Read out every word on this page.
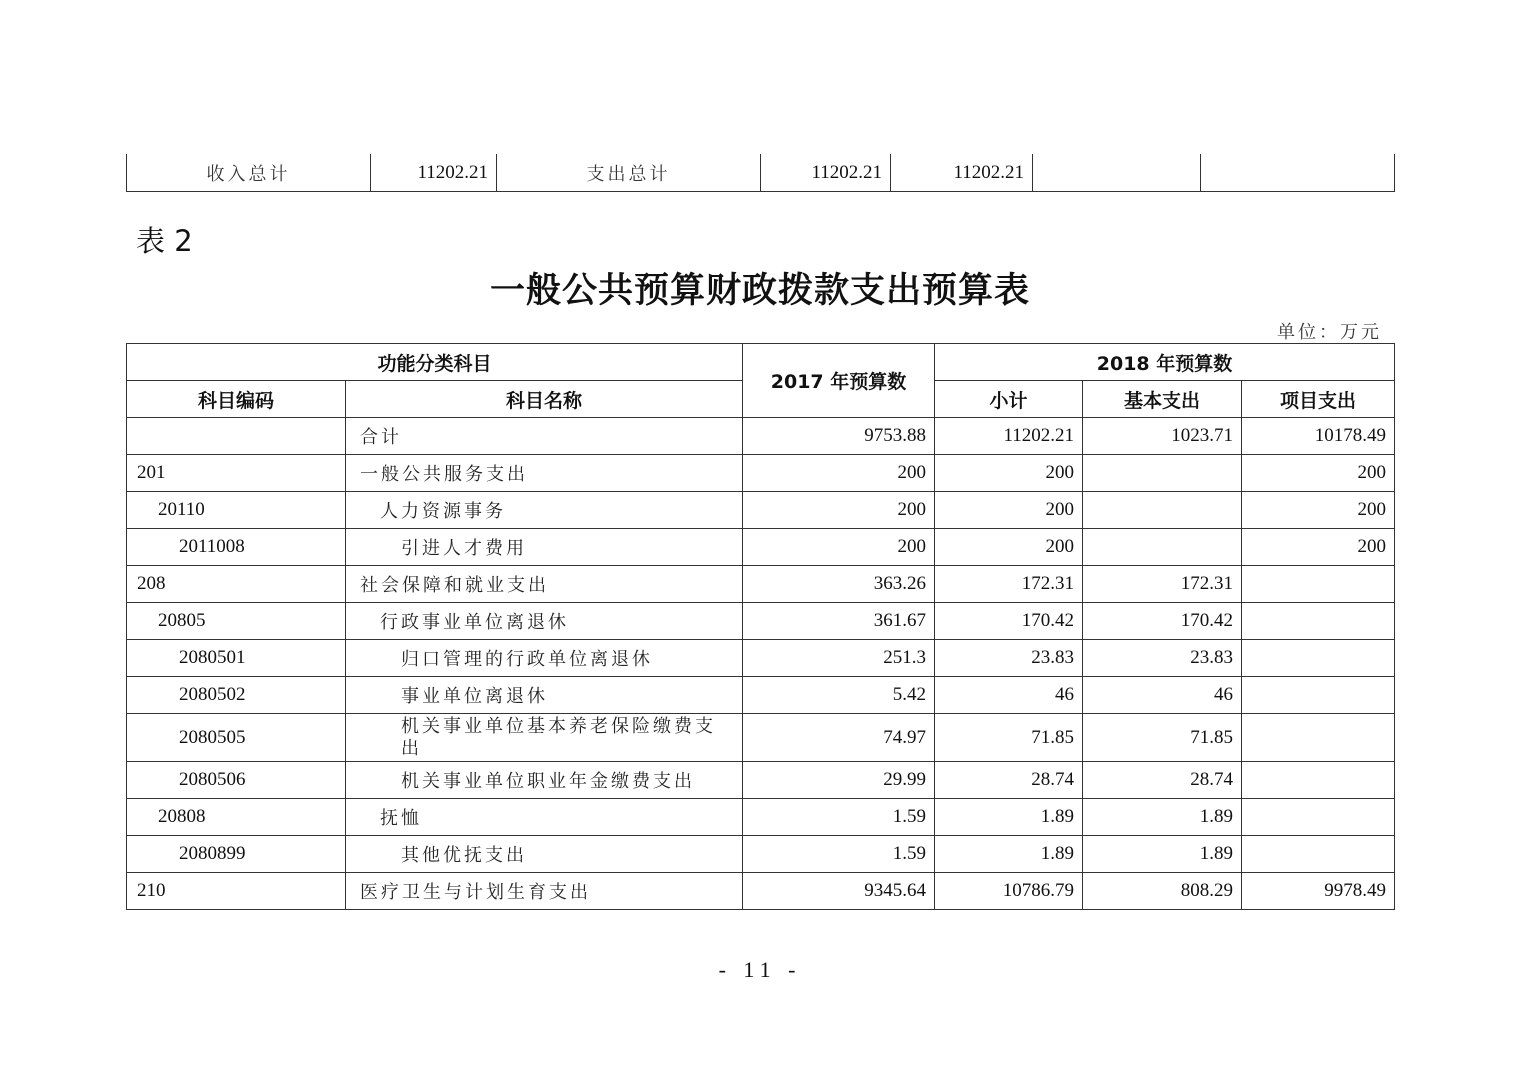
收入总计	11202.21	支出总计	11202.21	11202.21		
表 2
一般公共预算财政拨款支出预算表
单位：万元
功能分类科目		2017 年预算数	2018 年预算数		
科目编码	科目名称		小计	基本支出	项目支出
	合计	9753.88	11202.21	1023.71	10178.49
201	一般公共服务支出	200	200		200
20110	人力资源事务	200	200		200
2011008	引进人才费用	200	200		200
208	社会保障和就业支出	363.26	172.31	172.31	
20805	行政事业单位离退休	361.67	170.42	170.42	
2080501	归口管理的行政单位离退休	251.3	23.83	23.83	
2080502	事业单位离退休	5.42	46	46	
2080505	机关事业单位基本养老保险缴费支出	74.97	71.85	71.85	
2080506	机关事业单位职业年金缴费支出	29.99	28.74	28.74	
20808	抚恤	1.59	1.89	1.89	
2080899	其他优抚支出	1.59	1.89	1.89	
210	医疗卫生与计划生育支出	9345.64	10786.79	808.29	9978.49
- 11 -
